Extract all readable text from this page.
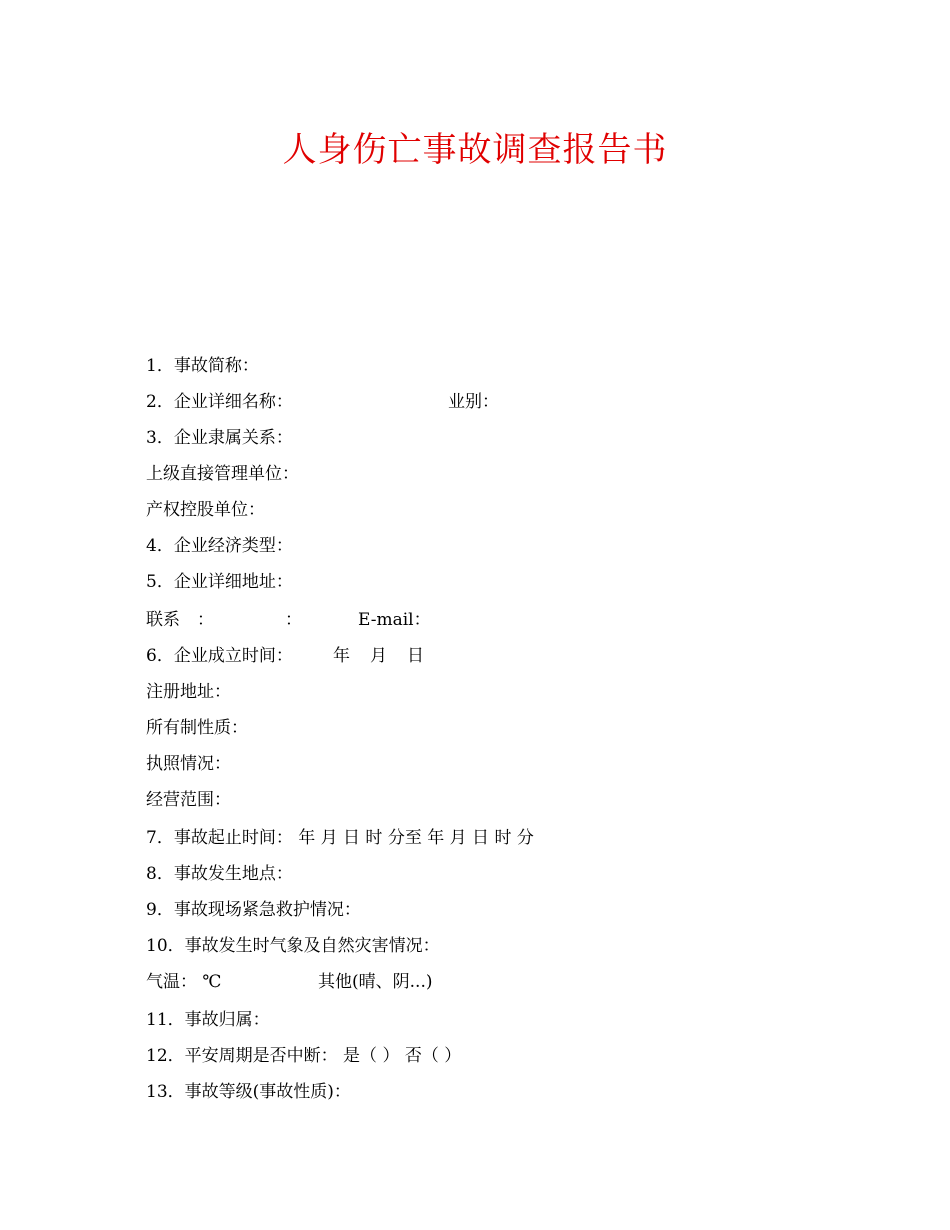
人身伤亡事故调查报告书
1．事故简称：
2．企业详细名称：	业别：
3．企业隶属关系：
上级直接管理单位：
产权控股单位：
4．企业经济类型：
5．企业详细地址：
联系 ：	：	E-mail：
6．企业成立时间： 年 月 日
注册地址：
所有制性质：
执照情况：
经营范围：
7．事故起止时间： 年 月 日 时 分至 年 月 日 时 分
8．事故发生地点：
9．事故现场紧急救护情况：
10．事故发生时气象及自然灾害情况：
气温： ℃	其他(晴、阴...)
11．事故归属：
12．平安周期是否中断： 是（ ） 否（ ）
13．事故等级(事故性质)：
